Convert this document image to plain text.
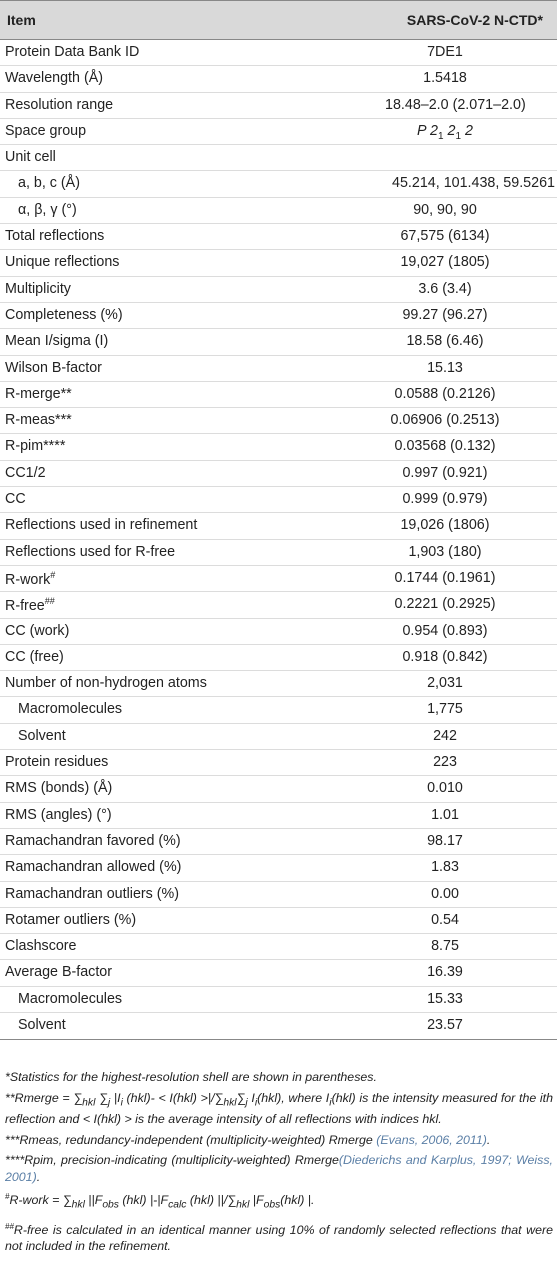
Item	SARS-CoV-2 N-CTD*
Protein Data Bank ID	7DE1
Wavelength (Å)	1.5418
Resolution range	18.48–2.0 (2.071–2.0)
Space group	P $2_1$ $2_1$ 2
Unit cell
a, b, c (Å)	45.214, 101.438, 59.5261
α, β, γ (°)	90, 90, 90
Total reflections	67,575 (6134)
Unique reflections	19,027 (1805)
Multiplicity	3.6 (3.4)
Completeness (%)	99.27 (96.27)
Mean I/sigma (I)	18.58 (6.46)
Wilson B-factor	15.13
R-merge**	0.0588 (0.2126)
R-meas***	0.06906 (0.2513)
R-pim****	0.03568 (0.132)
CC1/2	0.997 (0.921)
CC	0.999 (0.979)
Reflections used in refinement	19,026 (1806)
Reflections used for R-free	1,903 (180)
R-work#	0.1744 (0.1961)
R-free##	0.2221 (0.2925)
CC (work)	0.954 (0.893)
CC (free)	0.918 (0.842)
Number of non-hydrogen atoms	2,031
Macromolecules	1,775
Solvent	242
Protein residues	223
RMS (bonds) (Å)	0.010
RMS (angles) (°)	1.01
Ramachandran favored (%)	98.17
Ramachandran allowed (%)	1.83
Ramachandran outliers (%)	0.00
Rotamer outliers (%)	0.54
Clashscore	8.75
Average B-factor	16.39
Macromolecules	15.33
Solvent	23.57

*Statistics for the highest-resolution shell are shown in parentheses.

**Rmerge = $\sum_{hkl}$ $\sum_j$ $|I_i$ $(hkl)- < I(hkl) >|/\sum_{hkl}\sum_j$ $I_i(hkl)$, where $I_i(hkl)$ is the intensity measured for the ith reflection and < I(hkl) > is the average intensity of all reflections with indices hkl.

***Rmeas, redundancy-independent (multiplicity-weighted) Rmerge (Evans, 2006, 2011).

****Rpim, precision-indicating (multiplicity-weighted) Rmerge(Diederichs and Karplus, 1997; Weiss, 2001).

#R-work = $\sum_{hkl}$ $||F_{obs}$ (hkl) $|-|F_{calc}$ (hkl) $||/\sum_{hkl}$ $|F_{obs}(hkl)$ |.

##R-free is calculated in an identical manner using 10% of randomly selected reflections that were not included in the refinement.
